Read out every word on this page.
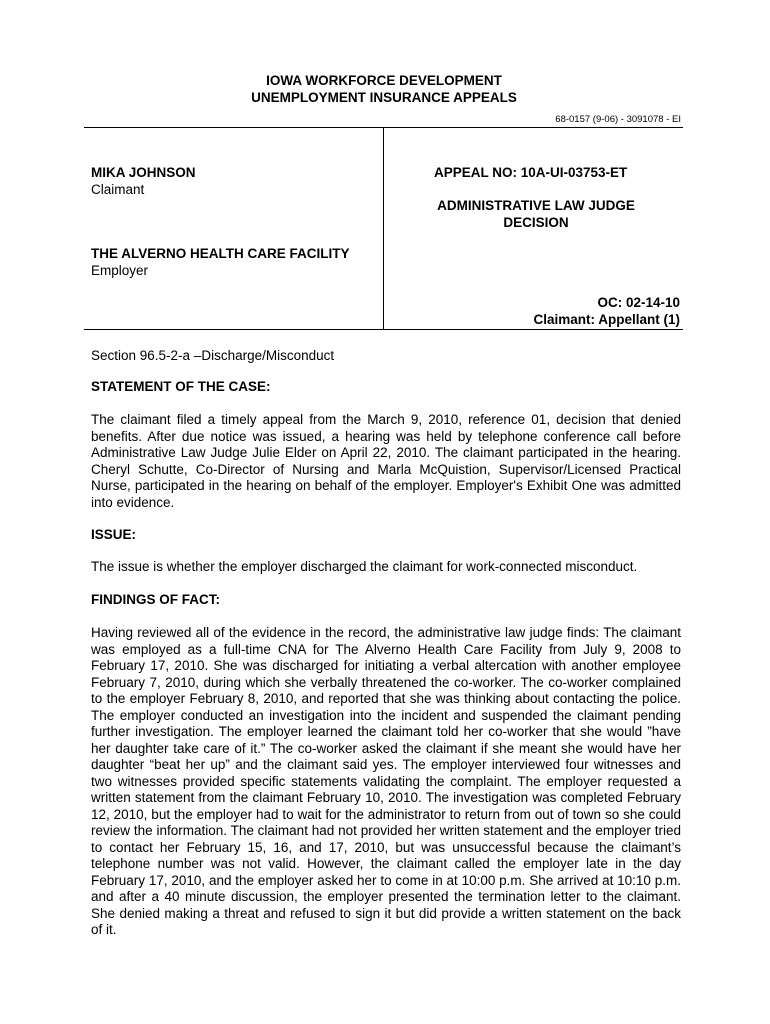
IOWA WORKFORCE DEVELOPMENT
UNEMPLOYMENT INSURANCE APPEALS
68-0157 (9-06) - 3091078 - EI
MIKA JOHNSON
Claimant
THE ALVERNO HEALTH CARE FACILITY
Employer
APPEAL NO: 10A-UI-03753-ET
ADMINISTRATIVE LAW JUDGE
DECISION
OC: 02-14-10
Claimant: Appellant (1)
Section 96.5-2-a –Discharge/Misconduct
STATEMENT OF THE CASE:

The claimant filed a timely appeal from the March 9, 2010, reference 01, decision that denied benefits. After due notice was issued, a hearing was held by telephone conference call before Administrative Law Judge Julie Elder on April 22, 2010. The claimant participated in the hearing. Cheryl Schutte, Co-Director of Nursing and Marla McQuistion, Supervisor/Licensed Practical Nurse, participated in the hearing on behalf of the employer. Employer's Exhibit One was admitted into evidence.

ISSUE:

The issue is whether the employer discharged the claimant for work-connected misconduct.

FINDINGS OF FACT:

Having reviewed all of the evidence in the record, the administrative law judge finds: The claimant was employed as a full-time CNA for The Alverno Health Care Facility from July 9, 2008 to February 17, 2010. She was discharged for initiating a verbal altercation with another employee February 7, 2010, during which she verbally threatened the co-worker. The co-worker complained to the employer February 8, 2010, and reported that she was thinking about contacting the police. The employer conducted an investigation into the incident and suspended the claimant pending further investigation. The employer learned the claimant told her co-worker that she would ”have her daughter take care of it.” The co-worker asked the claimant if she meant she would have her daughter “beat her up” and the claimant said yes. The employer interviewed four witnesses and two witnesses provided specific statements validating the complaint. The employer requested a written statement from the claimant February 10, 2010. The investigation was completed February 12, 2010, but the employer had to wait for the administrator to return from out of town so she could review the information. The claimant had not provided her written statement and the employer tried to contact her February 15, 16, and 17, 2010, but was unsuccessful because the claimant’s telephone number was not valid. However, the claimant called the employer late in the day February 17, 2010, and the employer asked her to come in at 10:00 p.m. She arrived at 10:10 p.m. and after a 40 minute discussion, the employer presented the termination letter to the claimant. She denied making a threat and refused to sign it but did provide a written statement on the back of it.
